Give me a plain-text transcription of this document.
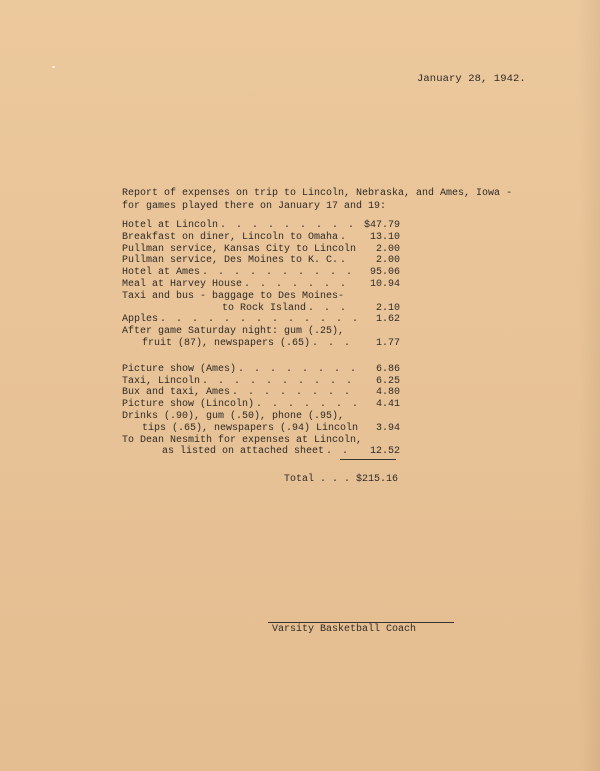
January 28, 1942.
Report of expenses on trip to Lincoln, Nebraska, and Ames, Iowa -
for games played there on January 17 and 19:
Hotel at Lincoln . . .	$47.79
Breakfast on diner, Lincoln to Omaha . . .	13.10
Pullman service, Kansas City to Lincoln	2.00
Pullman service, Des Moines to K. C. . . .	2.00
Hotel at Ames . . .	95.06
Meal at Harvey House . . .	10.94
Taxi and bus - baggage to Des Moines-
to Rock Island . . .	2.10
Apples . . .	1.62
After game Saturday night: gum (.25),
fruit (87), newspapers (.65) . . .	1.77
Picture show (Ames) . . .	6.86
Taxi, Lincoln . . .	6.25
Bux and taxi, Ames . . .	4.80
Picture show (Lincoln) . . .	4.41
Drinks (.90), gum (.50), phone (.95),
tips (.65), newspapers (.94) Lincoln	3.94
To Dean Nesmith for expenses at Lincoln,
as listed on attached sheet . . .	12.52
Total . . . $215.16
Varsity Basketball Coach
